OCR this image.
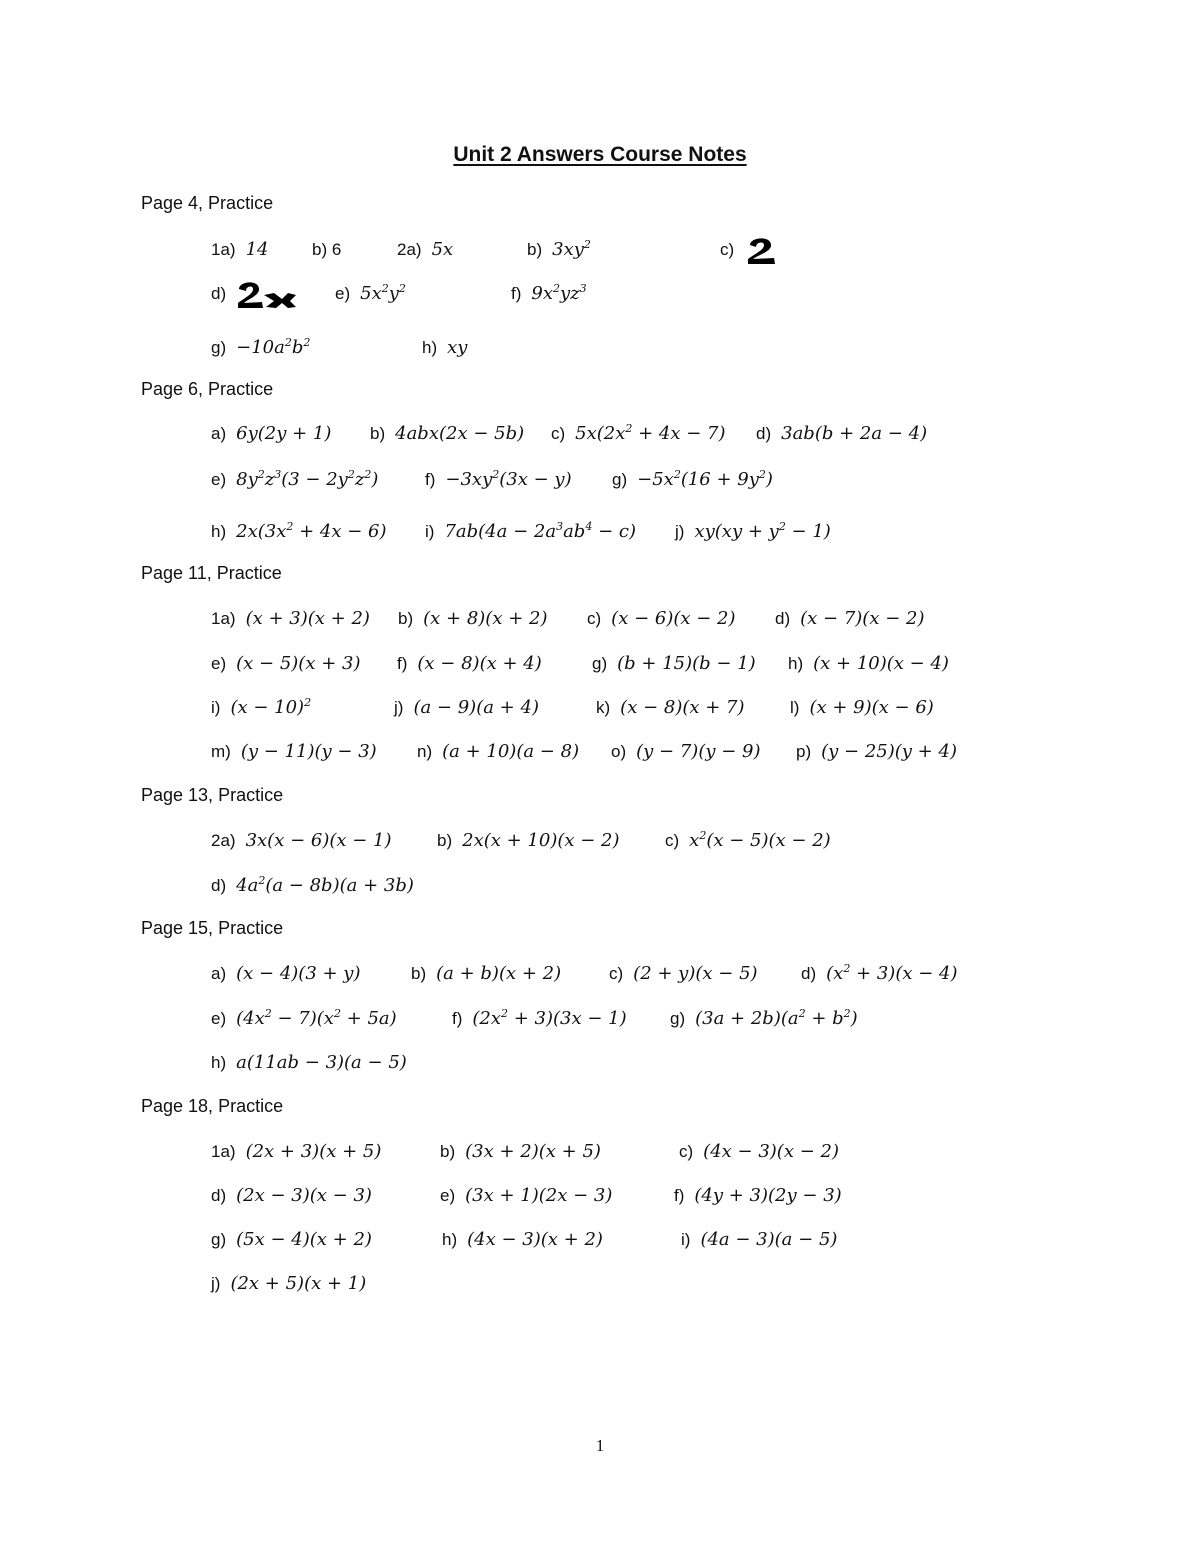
Unit 2 Answers Course Notes
Page 4, Practice
1a) 14	b) 6	2a) 5x	b) $3xy^2$	c)
d)	e) $5x^2y^2$	f) $9x^2yz^3$
$g) -10a^2b^2$	h) xy
Page 6, Practice
a) 6y(2y + 1) b) 4abx(2x − 5b) c) $5x(2x^2 + 4x - 7)$ d) 3ab(b + 2a − 4)
e) $8y^2z^3(3 - 2y^2z^2)$	$f) -3xy^2(3x - y)$ $g) -5x^2(16 + 9y^2)$
h) $2x(3x^2 + 4x - 6)$ i) $7ab(4a - 2a^3ab^4 - c)$ j) $xy(xy + y^2 - 1)$
Page 11, Practice
1a) (x + 3)(x + 2) b) (x + 8)(x + 2) c) (x − 6)(x − 2) d) (x − 7)(x − 2)
e) (x − 5)(x + 3) f) (x − 8)(x + 4)	g) (b + 15)(b − 1) h) (x + 10)(x − 4)
i) $(x - 10)^2$	j) (a − 9)(a + 4)	k) (x − 8)(x + 7)	l) (x + 9)(x − 6)
m) (y − 11)(y − 3) n) (a + 10)(a − 8) o) (y − 7)(y − 9) p) (y − 25)(y + 4)
Page 13, Practice
2a) 3x(x − 6)(x − 1)	b) 2x(x + 10)(x − 2)	c) $x^2(x - 5)(x - 2)$
d) $4a^2(a - 8b)(a + 3b)$
Page 15, Practice
a) (x − 4)(3 + y)	b) (a + b)(x + 2)	c) (2 + y)(x − 5)	d) $(x^2 + 3)(x - 4)$
e) $(4x^2 - 7)(x^2 + 5a)$	f) $(2x^2 + 3)(3x - 1)$	g) $(3a + 2b)(a^2 + b^2)$
h) a(11ab − 3)(a − 5)
Page 18, Practice
1a) (2x + 3)(x + 5)	b) (3x + 2)(x + 5)	c) (4x − 3)(x − 2)
d) (2x − 3)(x − 3)	e) (3x + 1)(2x − 3)	f) (4y + 3)(2y − 3)
g) (5x − 4)(x + 2)	h) (4x − 3)(x + 2)	i) (4a − 3)(a − 5)
j) (2x + 5)(x + 1)
1
